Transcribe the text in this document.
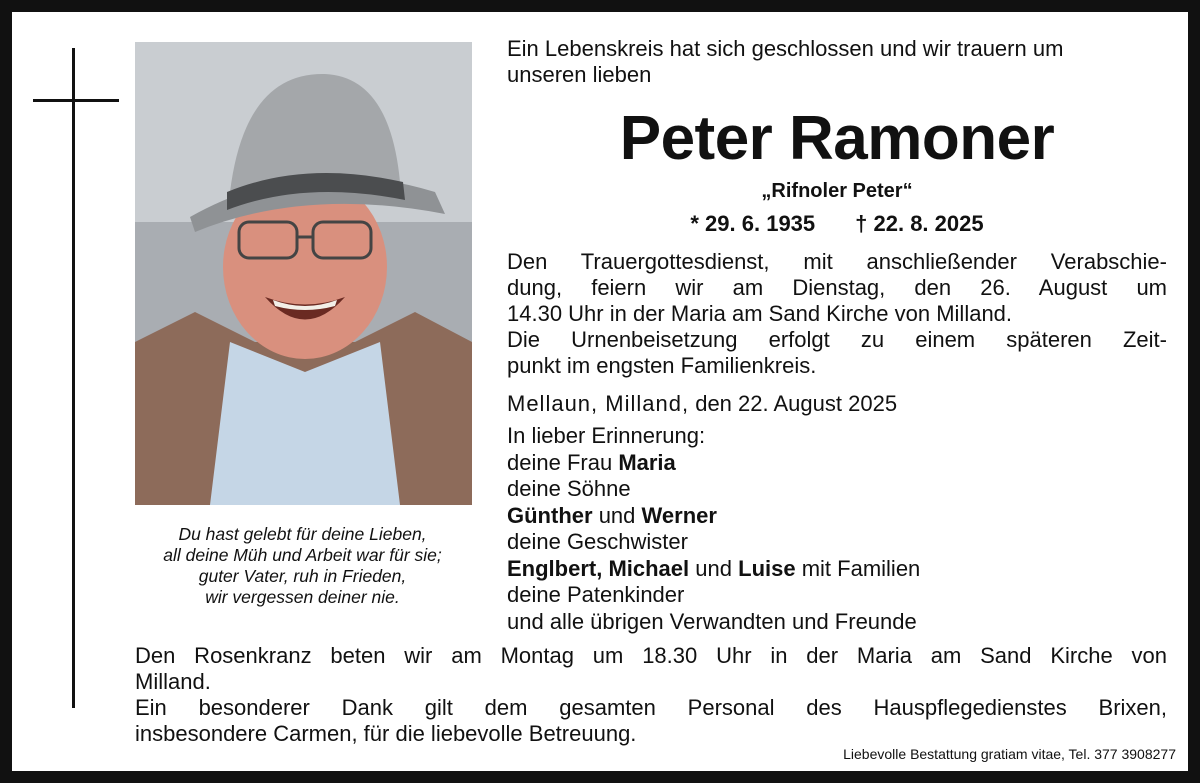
Du hast gelebt für deine Lieben,
all deine Müh und Arbeit war für sie;
guter Vater, ruh in Frieden,
wir vergessen deiner nie.
Ein Lebenskreis hat sich geschlossen und wir trauern um
unseren lieben
Peter Ramoner
„Rifnoler Peter“
* 29. 6. 1935 † 22. 8. 2025
Den Trauergottesdienst, mit anschließender Verabschie-
dung, feiern wir am Dienstag, den 26. August um
14.30 Uhr in der Maria am Sand Kirche von Milland.
Die Urnenbeisetzung erfolgt zu einem späteren Zeit-
punkt im engsten Familienkreis.
Mellaun, Milland, den 22. August 2025
In lieber Erinnerung:
deine Frau Maria
deine Söhne
Günther und Werner
deine Geschwister
Englbert, Michael und Luise mit Familien
deine Patenkinder
und alle übrigen Verwandten und Freunde
Den Rosenkranz beten wir am Montag um 18.30 Uhr in der Maria am Sand Kirche von
Milland.
Ein besonderer Dank gilt dem gesamten Personal des Hauspflegedienstes Brixen,
insbesondere Carmen, für die liebevolle Betreuung.
Liebevolle Bestattung gratiam vitae, Tel. 377 3908277
